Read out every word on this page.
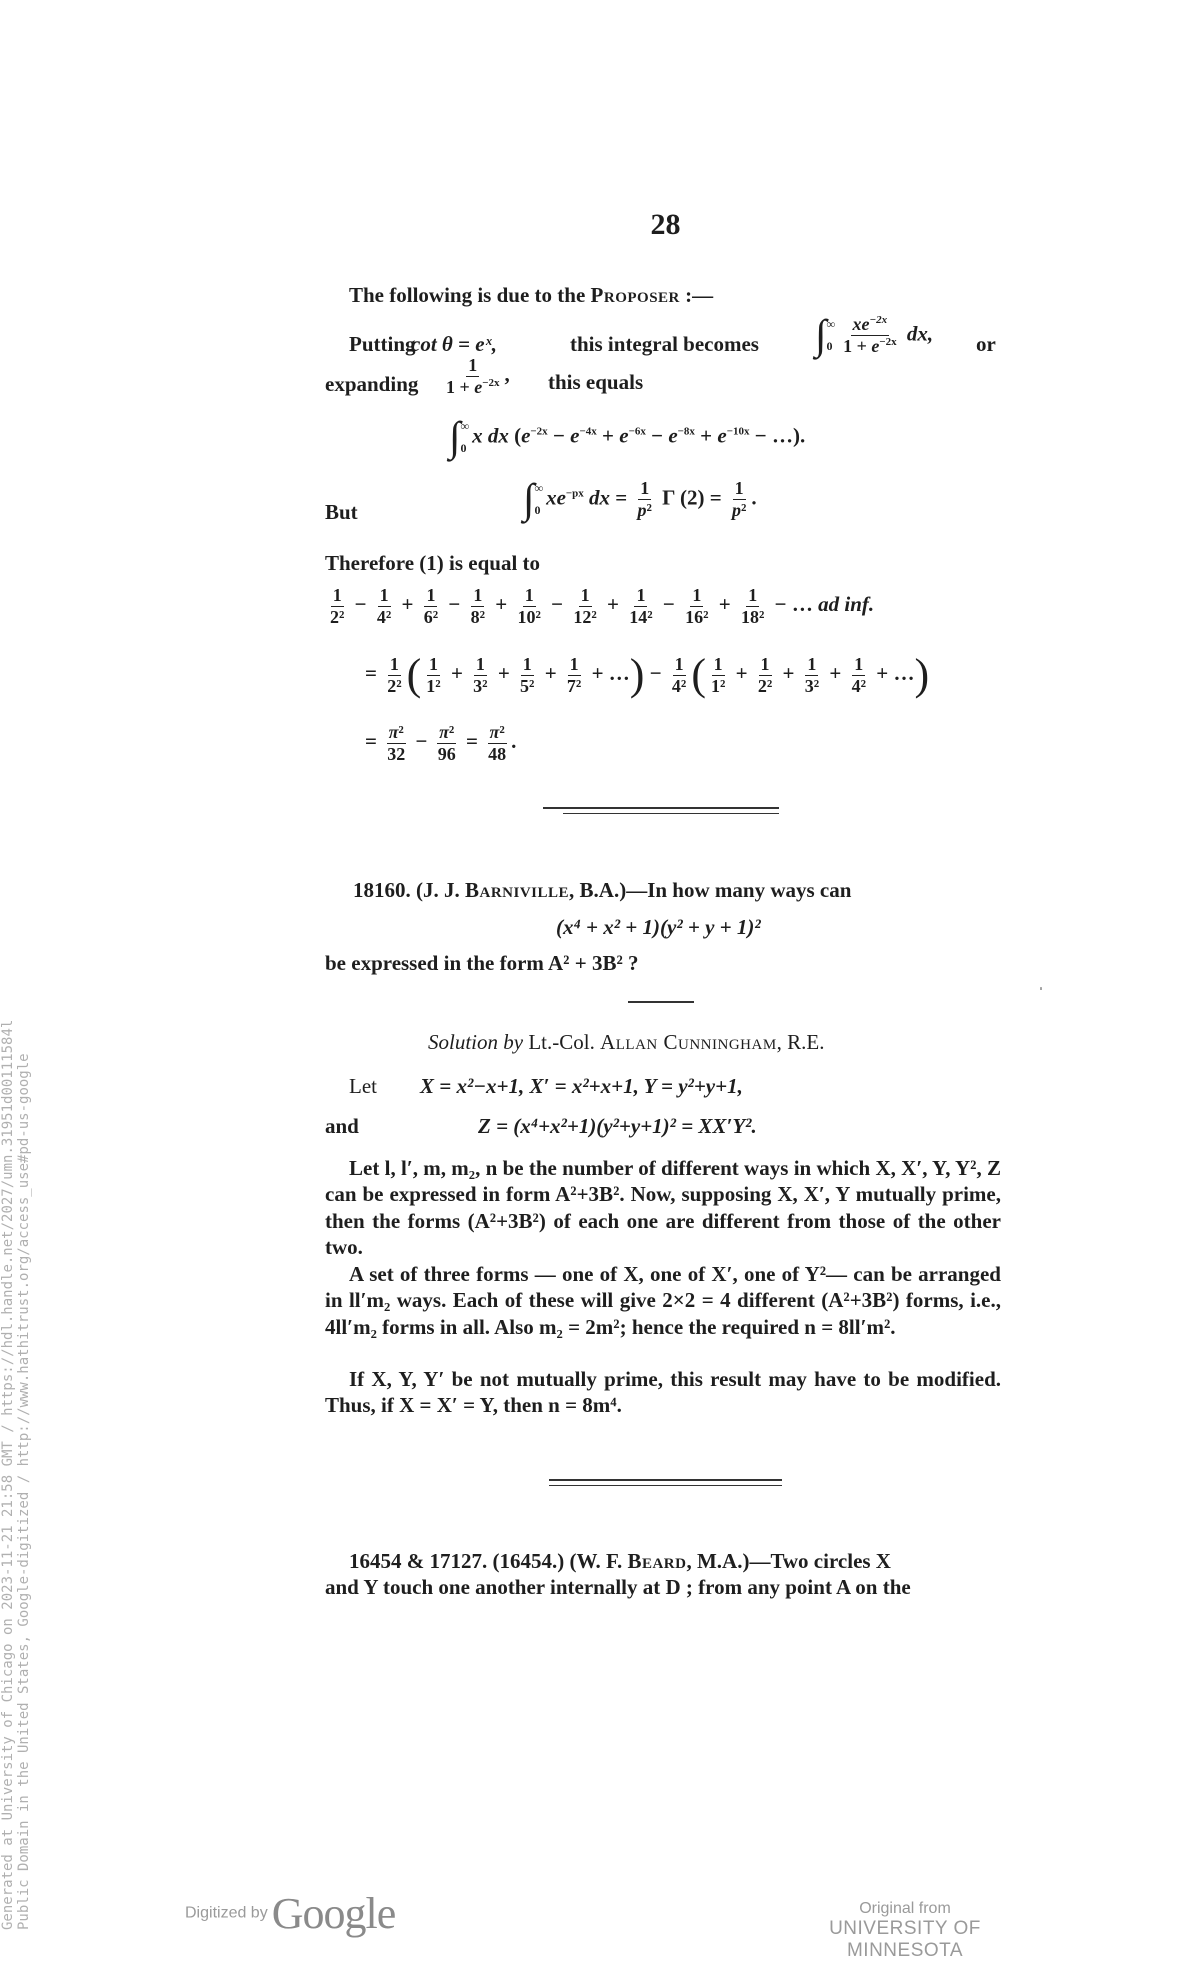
Generated at University of Chicago on 2023-11-21 21:58 GMT / https://hdl.handle.net/2027/umn.31951d00111584l Public Domain in the United States, Google-digitized / http://www.hathitrust.org/access_use#pd-us-google
28
The following is due to the Proposer :—
Putting
cot θ = eˣ,	this integral becomes ∫ ∞
$0 \frac{xe^{-2x}}{1 + e^{-2x}}$ dx, or
expanding $\frac{1}{1 + e^{-2x}}$ , this equals
∫ ∞
0
x dx ($e^{-2x} - e^{-4x} + e^{-6x} - e^{-8x} + e^{-10x}$ − …).
But	∫ ∞
0
$xe^{-px}$ dx = $\frac{1}{\text{p²}}$ Γ $(2) = \frac{1}{\text{p²}}$ .
Therefore (1) is equal to
$\frac{1}{\text{2²}} - \frac{1}{\text{4²}} + \frac{1}{\text{6²}} - \frac{1}{\text{8²}} + \frac{1}{\text{10²}} - \frac{1}{\text{12²}} + \frac{1}{\text{14²}} - \frac{1}{\text{16²}} + \frac{1}{\text{18²}}$ − … ad inf.
= $\frac{1}{\text{2²}}$ ( $\frac{1}{\text{1²}} + \frac{1}{\text{3²}} + \frac{1}{\text{5²}} + \frac{1}{\text{7²}}$ + …) − $\frac{1}{\text{4²}}$ ( $\frac{1}{\text{1²}} + \frac{1}{\text{2²}} + \frac{1}{\text{3²}} + \frac{1}{\text{4²}}$ + …)
= $\frac{\text{π²}}{32} - \frac{\text{π²}}{96} = \frac{\text{π²}}{48}$ .
18160. (J. J. Barniville, B.A.)—In how many ways can
(x⁴ + x² + 1)(y² + y + 1)²
be expressed in the form A² + 3B² ?
ˌ
Solution by Lt.-Col. Allan Cunningham, R.E.
Let X = x²−x+1, X′ = x²+x+1, Y = y²+y+1,
and	Z = (x⁴+x²+1)(y²+y+1)² = XX′Y².
Let l, l′, m, m₂, n be the number of different ways in which X, X′, Y, Y², Z can be expressed in form A²+3B². Now, supposing X, X′, Y mutually prime, then the forms (A²+3B²) of each one are different from those of the other two.
A set of three forms — one of X, one of X′, one of Y²— can be arranged in ll′m₂ ways. Each of these will give 2×2 = 4 different (A²+3B²) forms, i.e., 4ll′m₂ forms in all. Also m₂ = 2m²; hence the required n = 8ll′m².
If X, Y, Y′ be not mutually prime, this result may have to be modified. Thus, if X = X′ = Y, then n = 8m⁴.
16454 & 17127. (16454.) (W. F. Beard, M.A.)—Two circles X
and Y touch one another internally at D ; from any point A on the
Digitized by Google	Original from
UNIVERSITY OF MINNESOTA
